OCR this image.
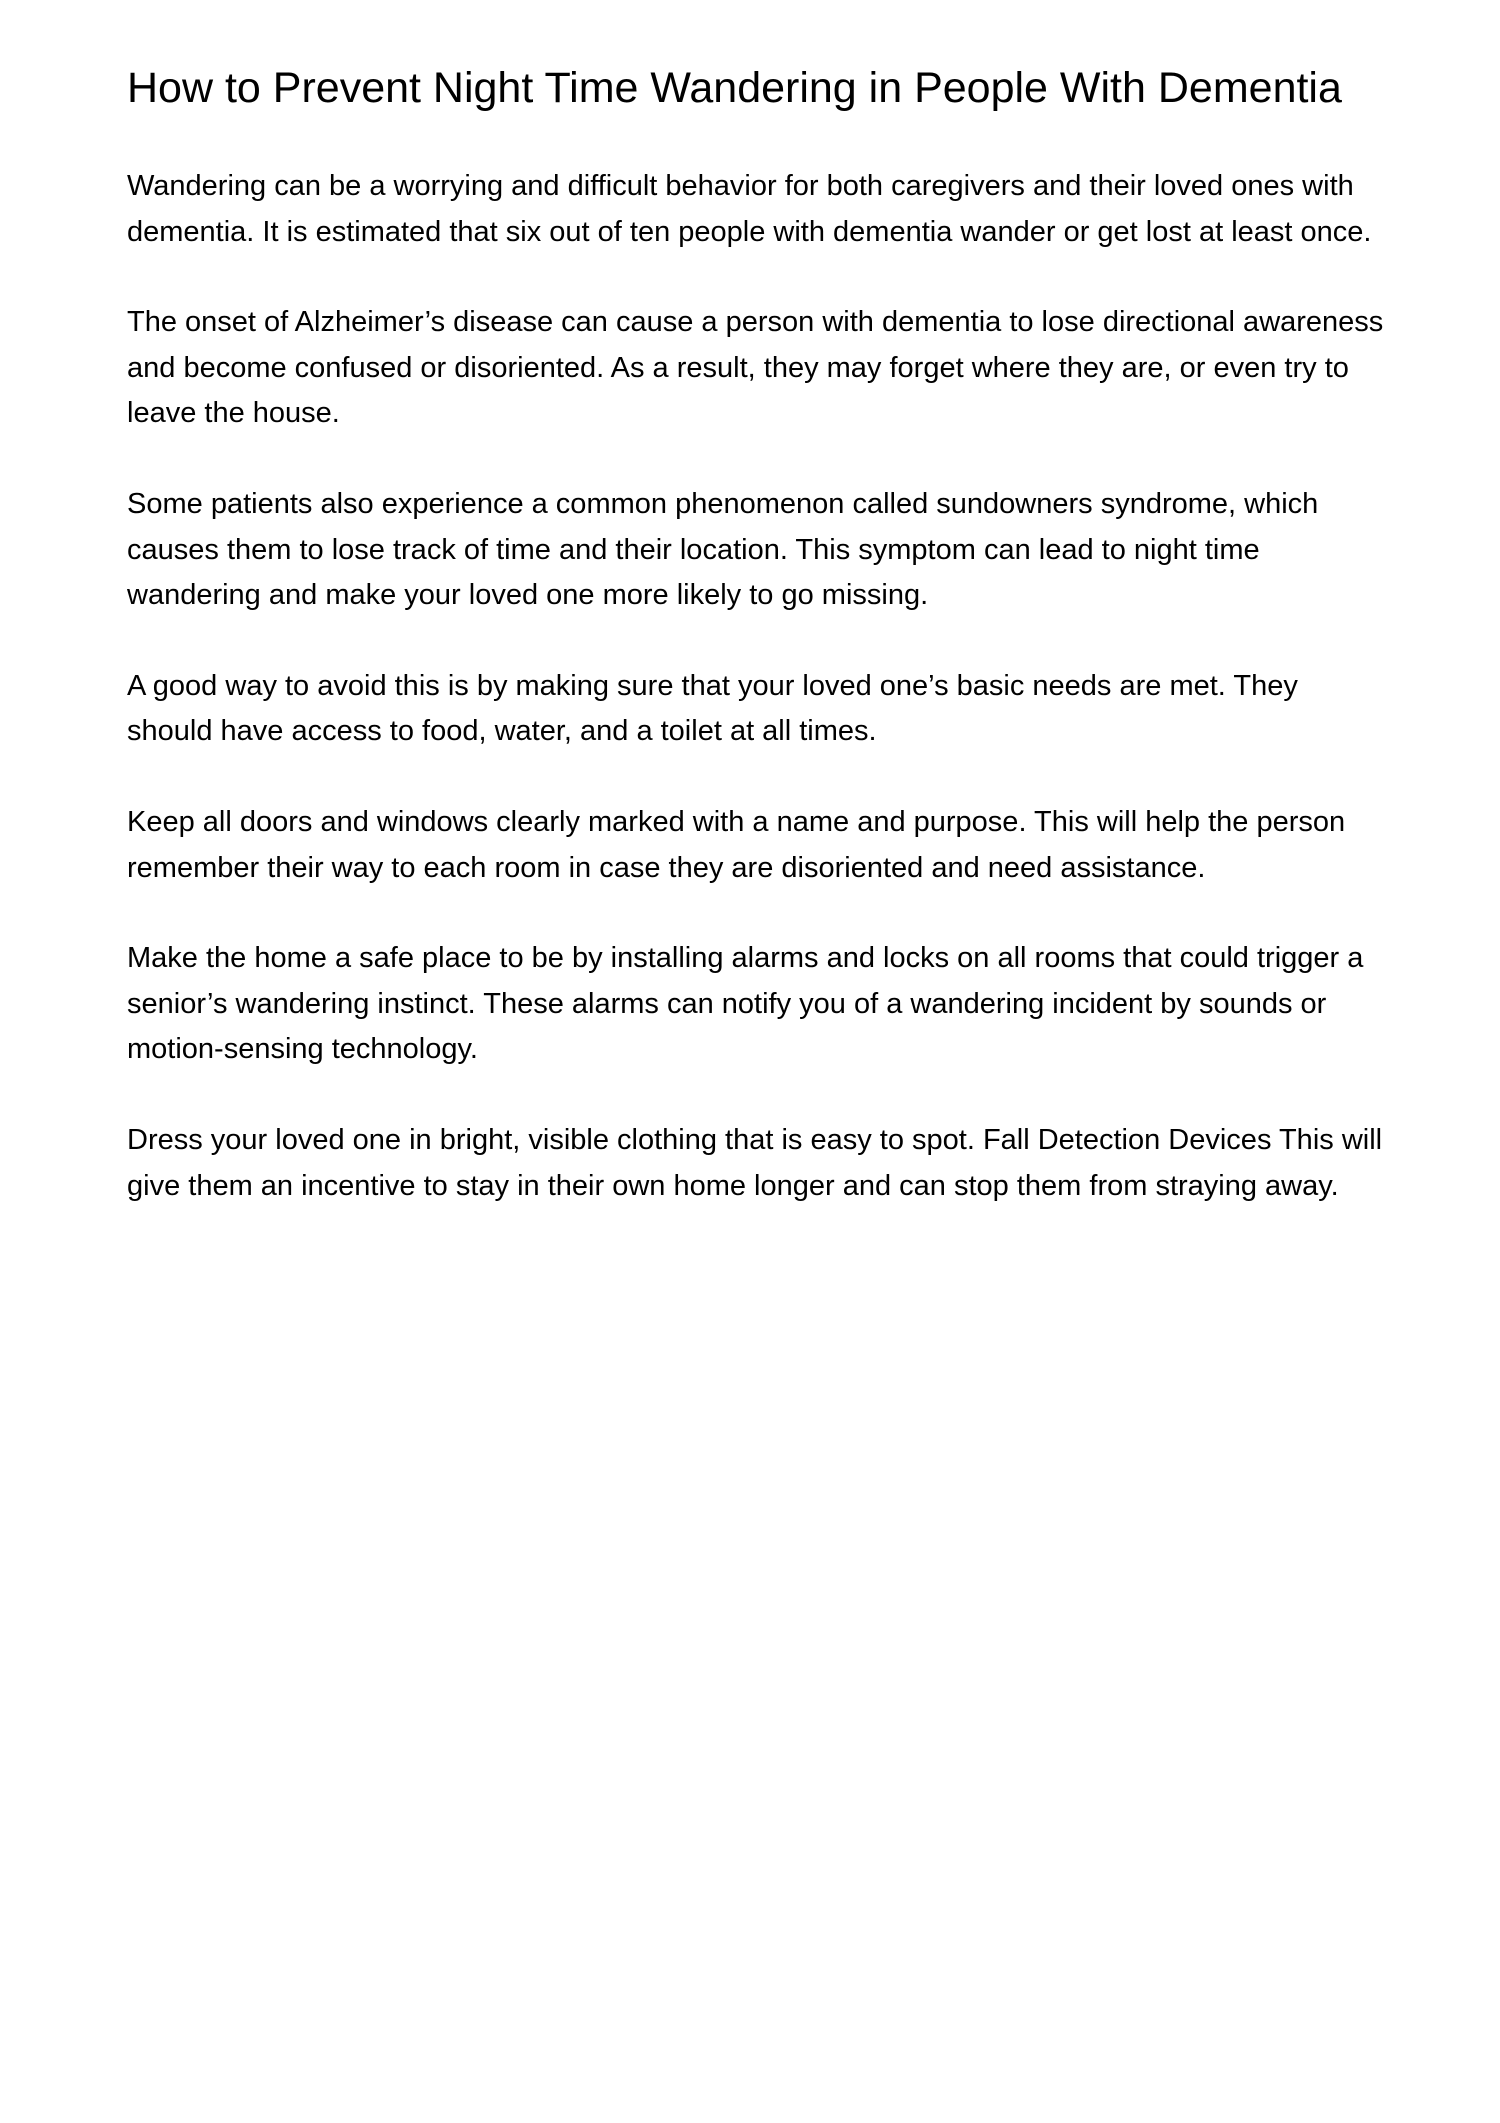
How to Prevent Night Time Wandering in People With Dementia

Wandering can be a worrying and difficult behavior for both caregivers and their loved ones with dementia. It is estimated that six out of ten people with dementia wander or get lost at least once.

The onset of Alzheimer’s disease can cause a person with dementia to lose directional awareness and become confused or disoriented. As a result, they may forget where they are, or even try to leave the house.

Some patients also experience a common phenomenon called sundowners syndrome, which causes them to lose track of time and their location. This symptom can lead to night time wandering and make your loved one more likely to go missing.

A good way to avoid this is by making sure that your loved one’s basic needs are met. They should have access to food, water, and a toilet at all times.

Keep all doors and windows clearly marked with a name and purpose. This will help the person remember their way to each room in case they are disoriented and need assistance.

Make the home a safe place to be by installing alarms and locks on all rooms that could trigger a senior’s wandering instinct. These alarms can notify you of a wandering incident by sounds or motion-sensing technology.

Dress your loved one in bright, visible clothing that is easy to spot. Fall Detection Devices This will give them an incentive to stay in their own home longer and can stop them from straying away.
